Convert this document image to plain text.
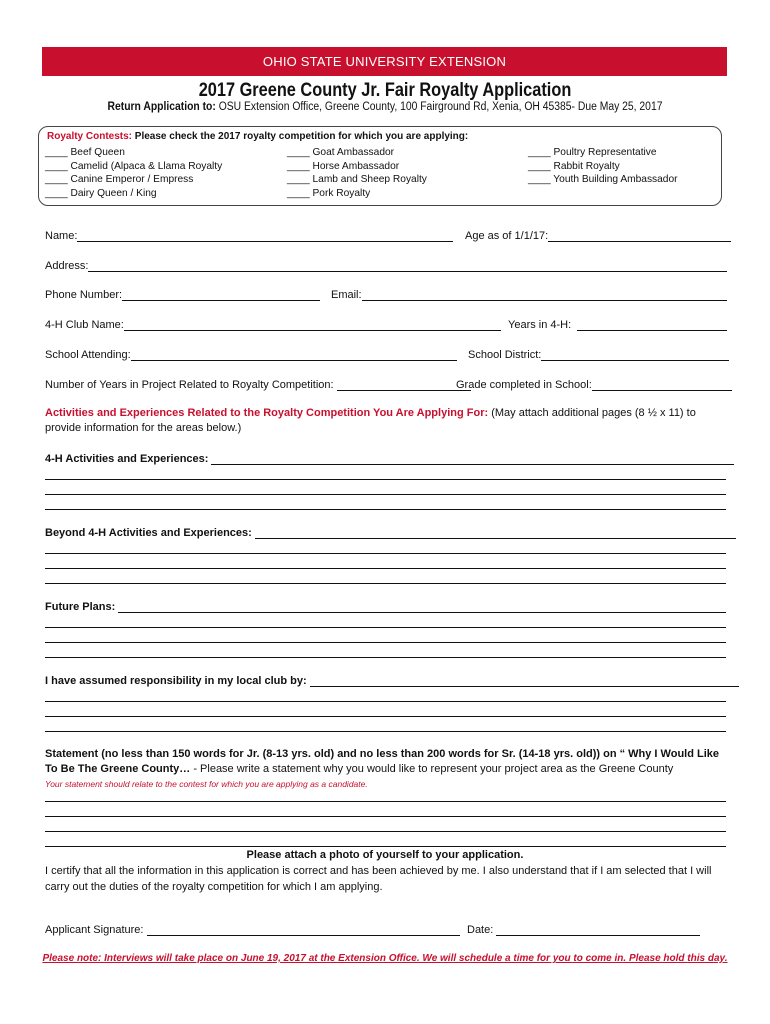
OHIO STATE UNIVERSITY EXTENSION
2017 Greene County Jr. Fair Royalty Application
Return Application to: OSU Extension Office, Greene County, 100 Fairground Rd, Xenia, OH 45385- Due May 25, 2017
Royalty Contests: Please check the 2017 royalty competition for which you are applying:
____ Beef Queen
____ Camelid (Alpaca & Llama Royalty
____ Canine Emperor / Empress
____ Dairy Queen / King
____ Goat Ambassador
____ Horse Ambassador
____ Lamb and Sheep Royalty
____ Pork Royalty
____ Poultry Representative
____ Rabbit Royalty
____ Youth Building Ambassador
Name:	Age as of 1/1/17:
Address:
Phone Number:	Email:
4-H Club Name:	Years in 4-H:
School Attending:	School District:
Number of Years in Project Related to Royalty Competition:	Grade completed in School:
Activities and Experiences Related to the Royalty Competition You Are Applying For: (May attach additional pages (8 ½ x 11) to provide information for the areas below.)
4-H Activities and Experiences:
Beyond 4-H Activities and Experiences:
Future Plans:
I have assumed responsibility in my local club by:
Statement (no less than 150 words for Jr. (8-13 yrs. old) and no less than 200 words for Sr. (14-18 yrs. old)) on “ Why I Would Like To Be The Greene County… - Please write a statement why you would like to represent your project area as the Greene County
Your statement should relate to the contest for which you are applying as a candidate.
Please attach a photo of yourself to your application.
I certify that all the information in this application is correct and has been achieved by me. I also understand that if I am selected that I will carry out the duties of the royalty competition for which I am applying.
Applicant Signature:	Date:
Please note: Interviews will take place on June 19, 2017 at the Extension Office. We will schedule a time for you to come in. Please hold this day.
